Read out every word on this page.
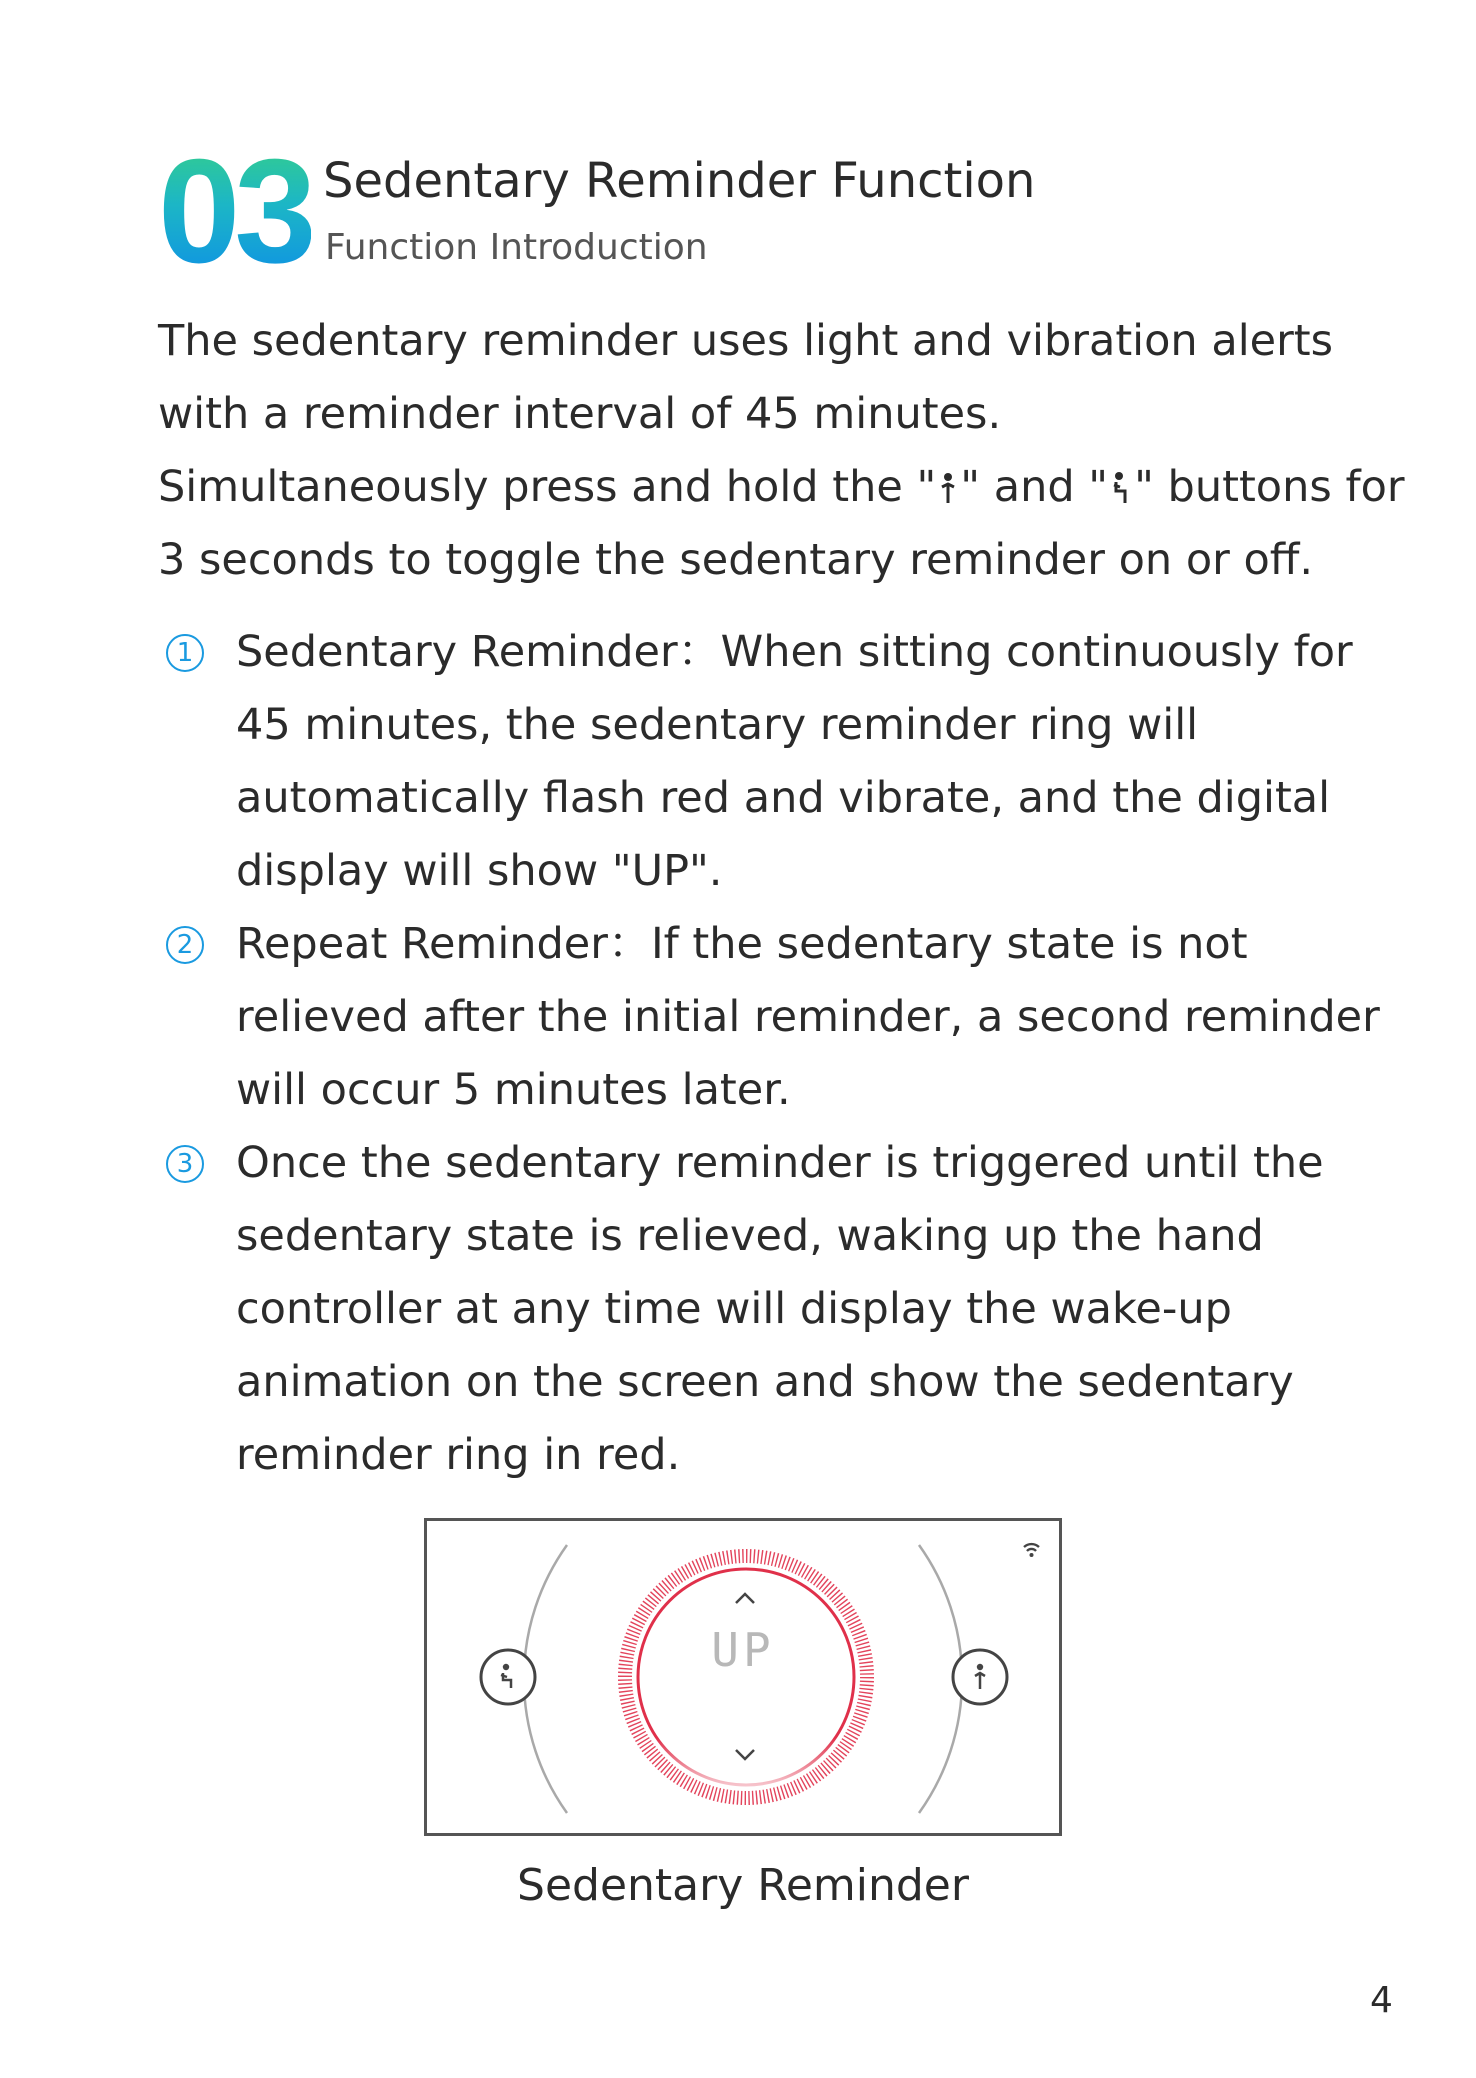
03 Sedentary Reminder Function
Function Introduction

The sedentary reminder uses light and vibration alerts with a reminder interval of 45 minutes.

Simultaneously press and hold the " " and " " buttons for 3 seconds to toggle the sedentary reminder on or off.

1 Sedentary Reminder：When sitting continuously for 45 minutes, the sedentary reminder ring will automatically flash red and vibrate, and the digital display will show "UP".
2 Repeat Reminder：If the sedentary state is not relieved after the initial reminder, a second reminder will occur 5 minutes later.
3 Once the sedentary reminder is triggered until the sedentary state is relieved, waking up the hand controller at any time will display the wake-up animation on the screen and show the sedentary reminder ring in red.
UP
Sedentary Reminder
4
